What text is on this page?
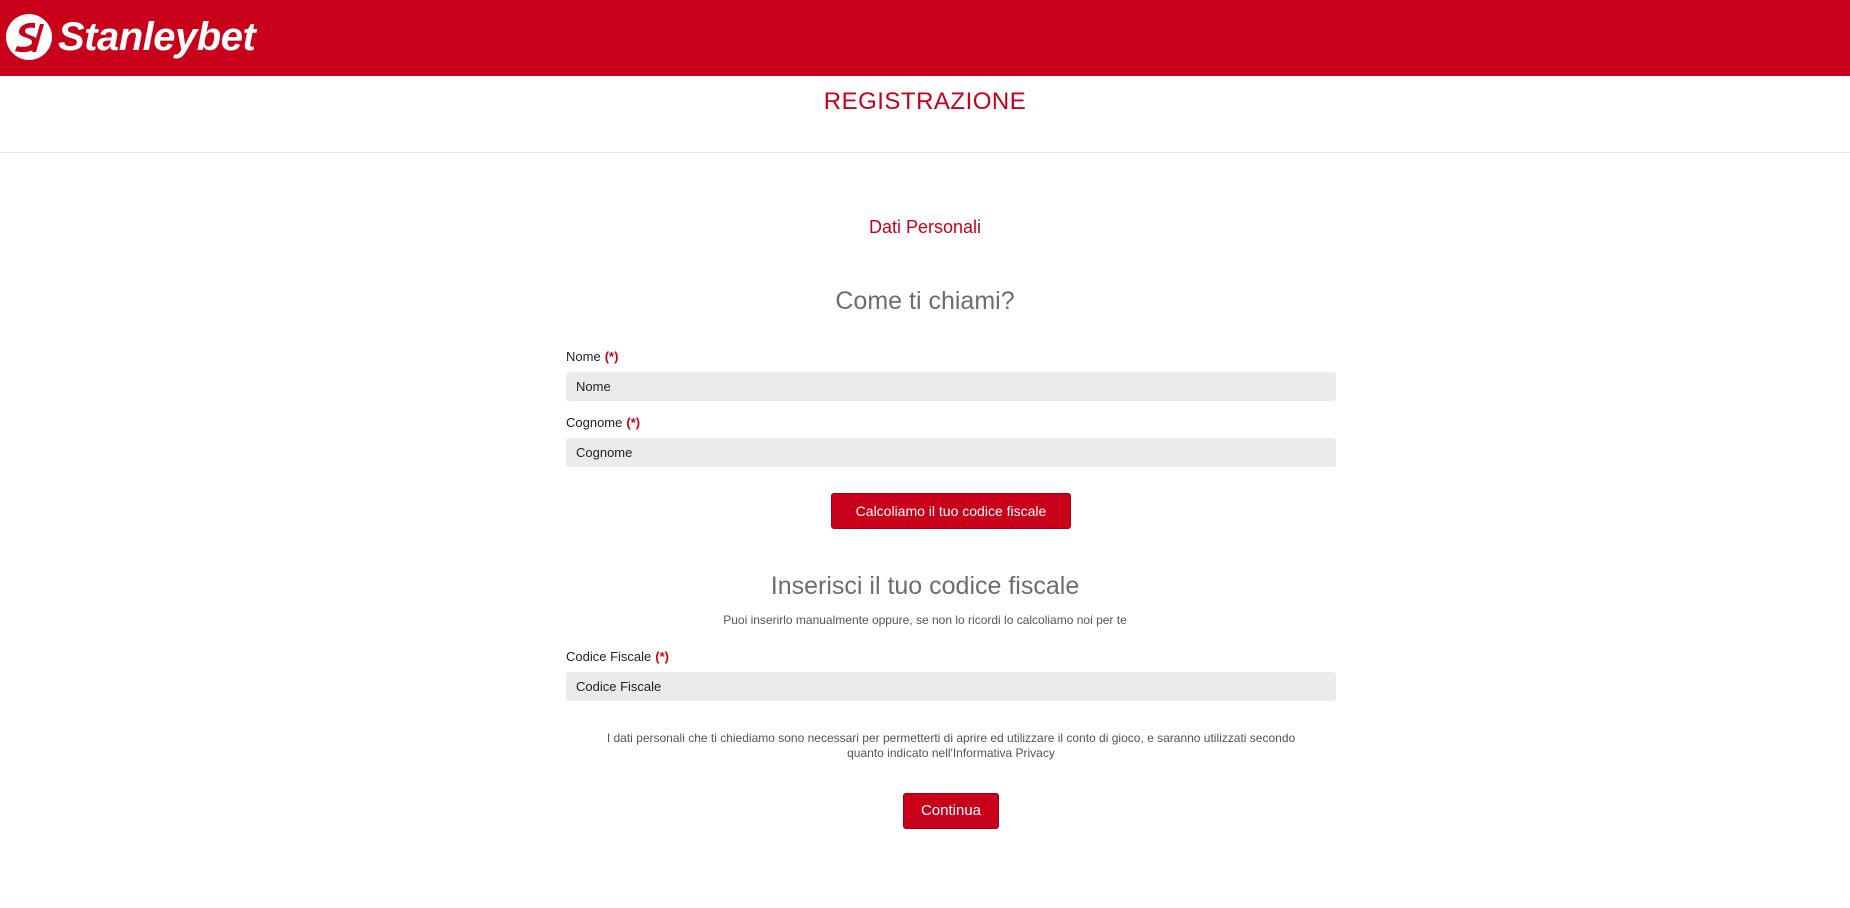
Stanleybet
REGISTRAZIONE
Dati Personali
Come ti chiami?
Nome (*)
Nome
Cognome (*)
Cognome
Calcoliamo il tuo codice fiscale
Inserisci il tuo codice fiscale
Puoi inserirlo manualmente oppure, se non lo ricordi lo calcoliamo noi per te
Codice Fiscale (*)
Codice Fiscale
I dati personali che ti chiediamo sono necessari per permetterti di aprire ed utilizzare il conto di gioco, e saranno utilizzati secondo quanto indicato nell'Informativa Privacy
Continua
